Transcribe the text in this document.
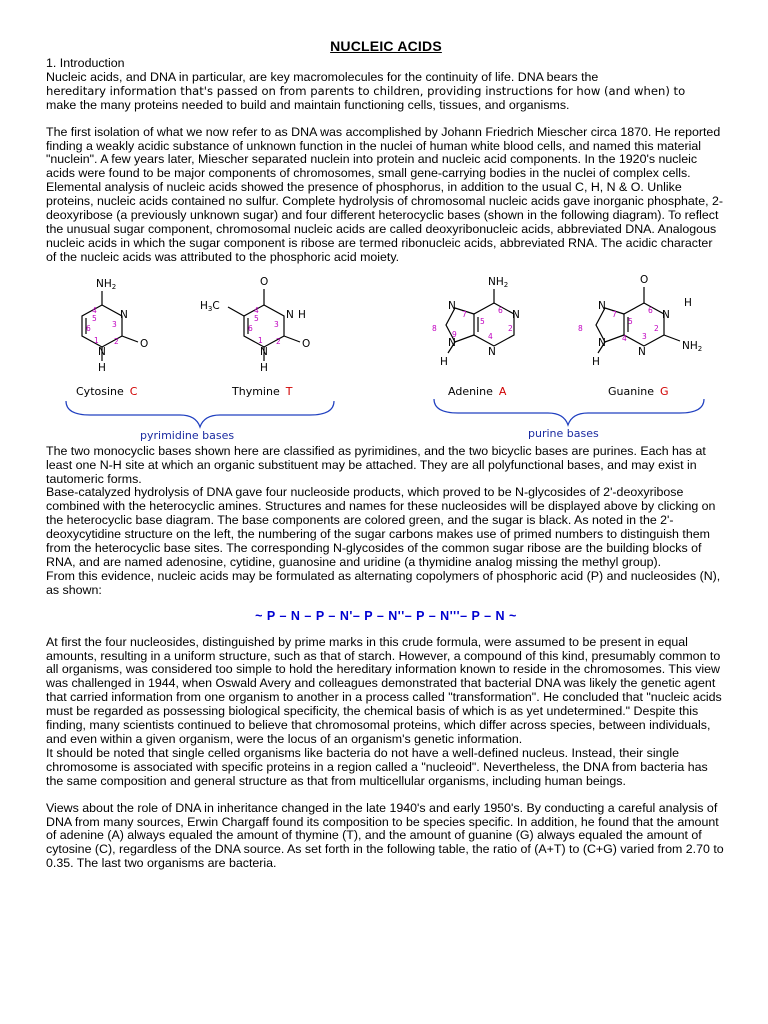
NUCLEIC ACIDS

1. Introduction

Nucleic acids, and DNA in particular, are key macromolecules for the continuity of life. DNA bears the

hereditary information that's passed on from parents to children, providing instructions for how (and when) to

make the many proteins needed to build and maintain functioning cells, tissues, and organisms.

The first isolation of what we now refer to as DNA was accomplished by Johann Friedrich Miescher circa 1870. He reported finding a weakly acidic substance of unknown function in the nuclei of human white blood cells, and named this material "nuclein". A few years later, Miescher separated nuclein into protein and nucleic acid components. In the 1920's nucleic acids were found to be major components of chromosomes, small gene-carrying bodies in the nuclei of complex cells. Elemental analysis of nucleic acids showed the presence of phosphorus, in addition to the usual C, H, N & O. Unlike proteins, nucleic acids contained no sulfur. Complete hydrolysis of chromosomal nucleic acids gave inorganic phosphate, 2-deoxyribose (a previously unknown sugar) and four different heterocyclic bases (shown in the following diagram). To reflect the unusual sugar component, chromosomal nucleic acids are called deoxyribonucleic acids, abbreviated DNA. Analogous nucleic acids in which the sugar component is ribose are termed ribonucleic acids, abbreviated RNA. The acidic character of the nucleic acids was attributed to the phosphoric acid moiety.

NH2
N
O
N
H
O
N H
O
H3C
N
H
NH2
N
N
N
N
H
O
N
H
NH2
N
N
N
H
4
3
2
1
6
5
4
3
2
1
6
5
6
2
4
5
7
9
8
6
2
3
5
7
4
8
Cytosine C	Thymine T	Adenine A	Guanine G
pyrimidine bases	purine bases

The two monocyclic bases shown here are classified as pyrimidines, and the two bicyclic bases are purines. Each has at least one N-H site at which an organic substituent may be attached. They are all polyfunctional bases, and may exist in tautomeric forms.

Base-catalyzed hydrolysis of DNA gave four nucleoside products, which proved to be N-glycosides of 2'-deoxyribose combined with the heterocyclic amines. Structures and names for these nucleosides will be displayed above by clicking on the heterocyclic base diagram. The base components are colored green, and the sugar is black. As noted in the 2'-deoxycytidine structure on the left, the numbering of the sugar carbons makes use of primed numbers to distinguish them from the heterocyclic base sites. The corresponding N-glycosides of the common sugar ribose are the building blocks of RNA, and are named adenosine, cytidine, guanosine and uridine (a thymidine analog missing the methyl group).

From this evidence, nucleic acids may be formulated as alternating copolymers of phosphoric acid (P) and nucleosides (N), as shown:

~ P – N – P – N'– P – N''– P – N'''– P – N ~

At first the four nucleosides, distinguished by prime marks in this crude formula, were assumed to be present in equal amounts, resulting in a uniform structure, such as that of starch. However, a compound of this kind, presumably common to all organisms, was considered too simple to hold the hereditary information known to reside in the chromosomes. This view was challenged in 1944, when Oswald Avery and colleagues demonstrated that bacterial DNA was likely the genetic agent that carried information from one organism to another in a process called "transformation". He concluded that "nucleic acids must be regarded as possessing biological specificity, the chemical basis of which is as yet undetermined." Despite this finding, many scientists continued to believe that chromosomal proteins, which differ across species, between individuals, and even within a given organism, were the locus of an organism's genetic information.

It should be noted that single celled organisms like bacteria do not have a well-defined nucleus. Instead, their single chromosome is associated with specific proteins in a region called a "nucleoid". Nevertheless, the DNA from bacteria has the same composition and general structure as that from multicellular organisms, including human beings.

Views about the role of DNA in inheritance changed in the late 1940's and early 1950's. By conducting a careful analysis of DNA from many sources, Erwin Chargaff found its composition to be species specific. In addition, he found that the amount of adenine (A) always equaled the amount of thymine (T), and the amount of guanine (G) always equaled the amount of cytosine (C), regardless of the DNA source. As set forth in the following table, the ratio of (A+T) to (C+G) varied from 2.70 to 0.35. The last two organisms are bacteria.
